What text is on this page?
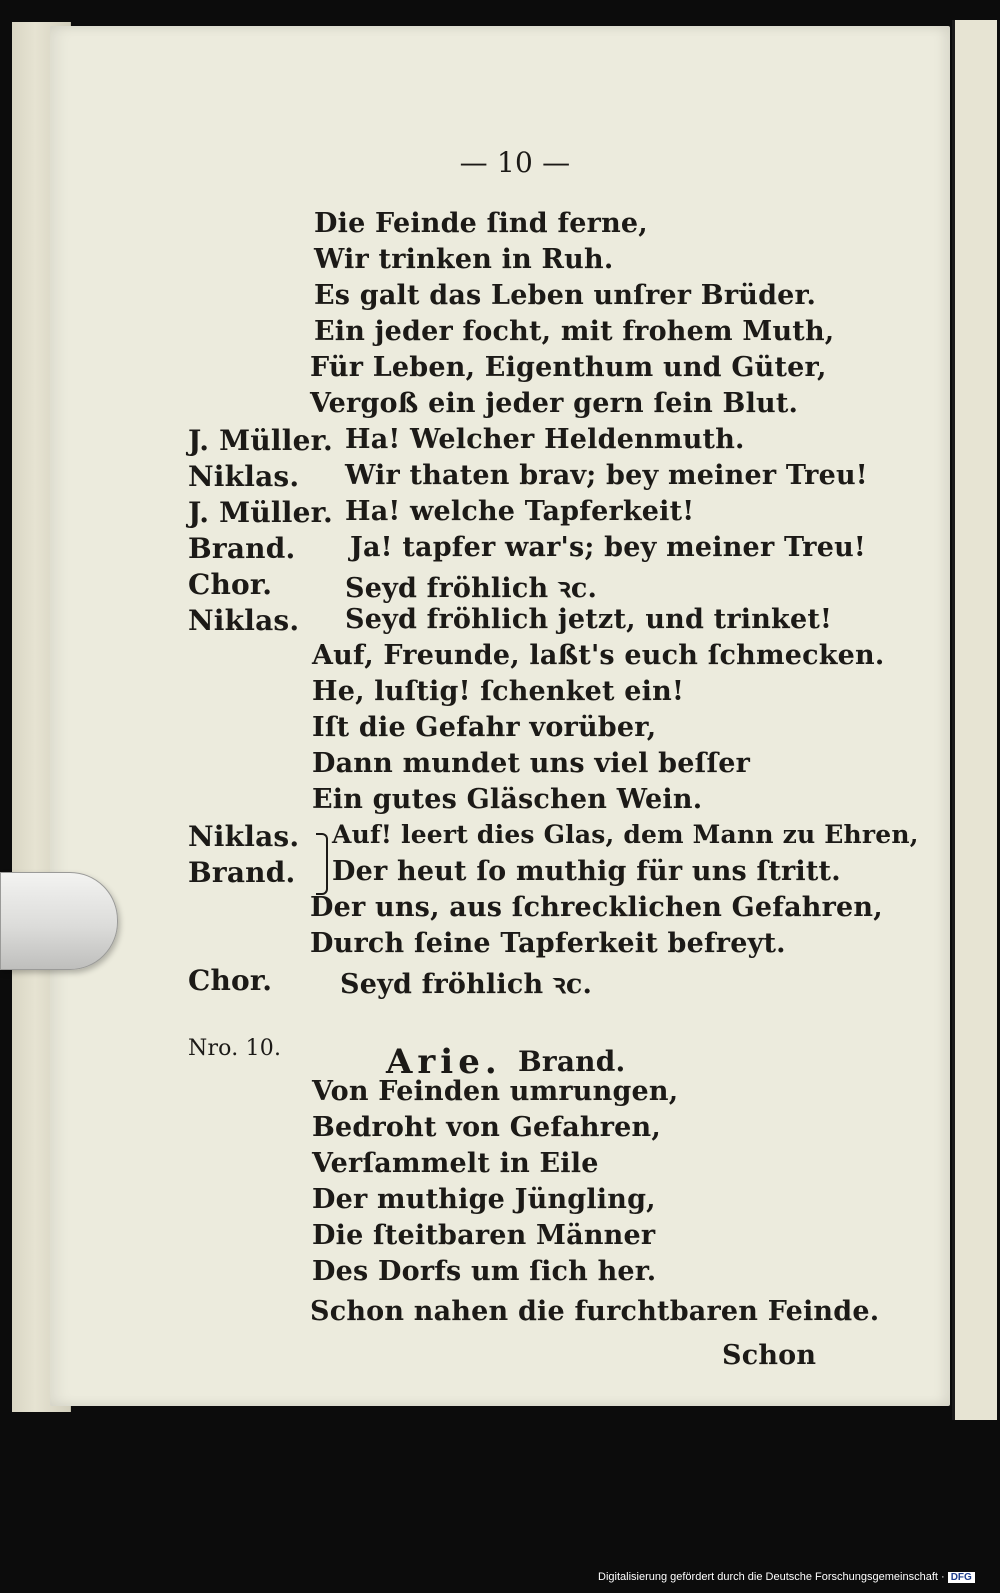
— 10 —
Die Feinde ſind ferne,
Wir trinken in Ruh.
Es galt das Leben unſrer Brüder.
Ein jeder focht, mit frohem Muth,
Für Leben, Eigenthum und Güter,
Vergoß ein jeder gern ſein Blut.
J. Müller. Ha! Welcher Heldenmuth.
Niklas. Wir thaten brav; bey meiner Treu!
J. Müller. Ha! welche Tapferkeit!
Brand. Ja! tapfer war's; bey meiner Treu!
Chor.	Seyd fröhlich ꝛc.
Niklas. Seyd fröhlich jetzt, und trinket!
Auf, Freunde, laßt's euch ſchmecken.
He, luſtig! ſchenket ein!
Iſt die Gefahr vorüber,
Dann mundet uns viel beſſer
Ein gutes Gläschen Wein.
Niklas. Auf! leert dies Glas, dem Mann zu Ehren,
Brand. Der heut ſo muthig für uns ſtritt.
Der uns, aus ſchrecklichen Gefahren,
Durch ſeine Tapferkeit befreyt.
Chor.	Seyd fröhlich ꝛc.
Nro. 10.	Arie. Brand.
Von Feinden umrungen,
Bedroht von Gefahren,
Verſammelt in Eile
Der muthige Jüngling,
Die ſteitbaren Männer
Des Dorfs um ſich her.
Schon nahen die furchtbaren Feinde.
Schon
Digitalisierung gefördert durch die Deutsche Forschungsgemeinschaft · DFG
